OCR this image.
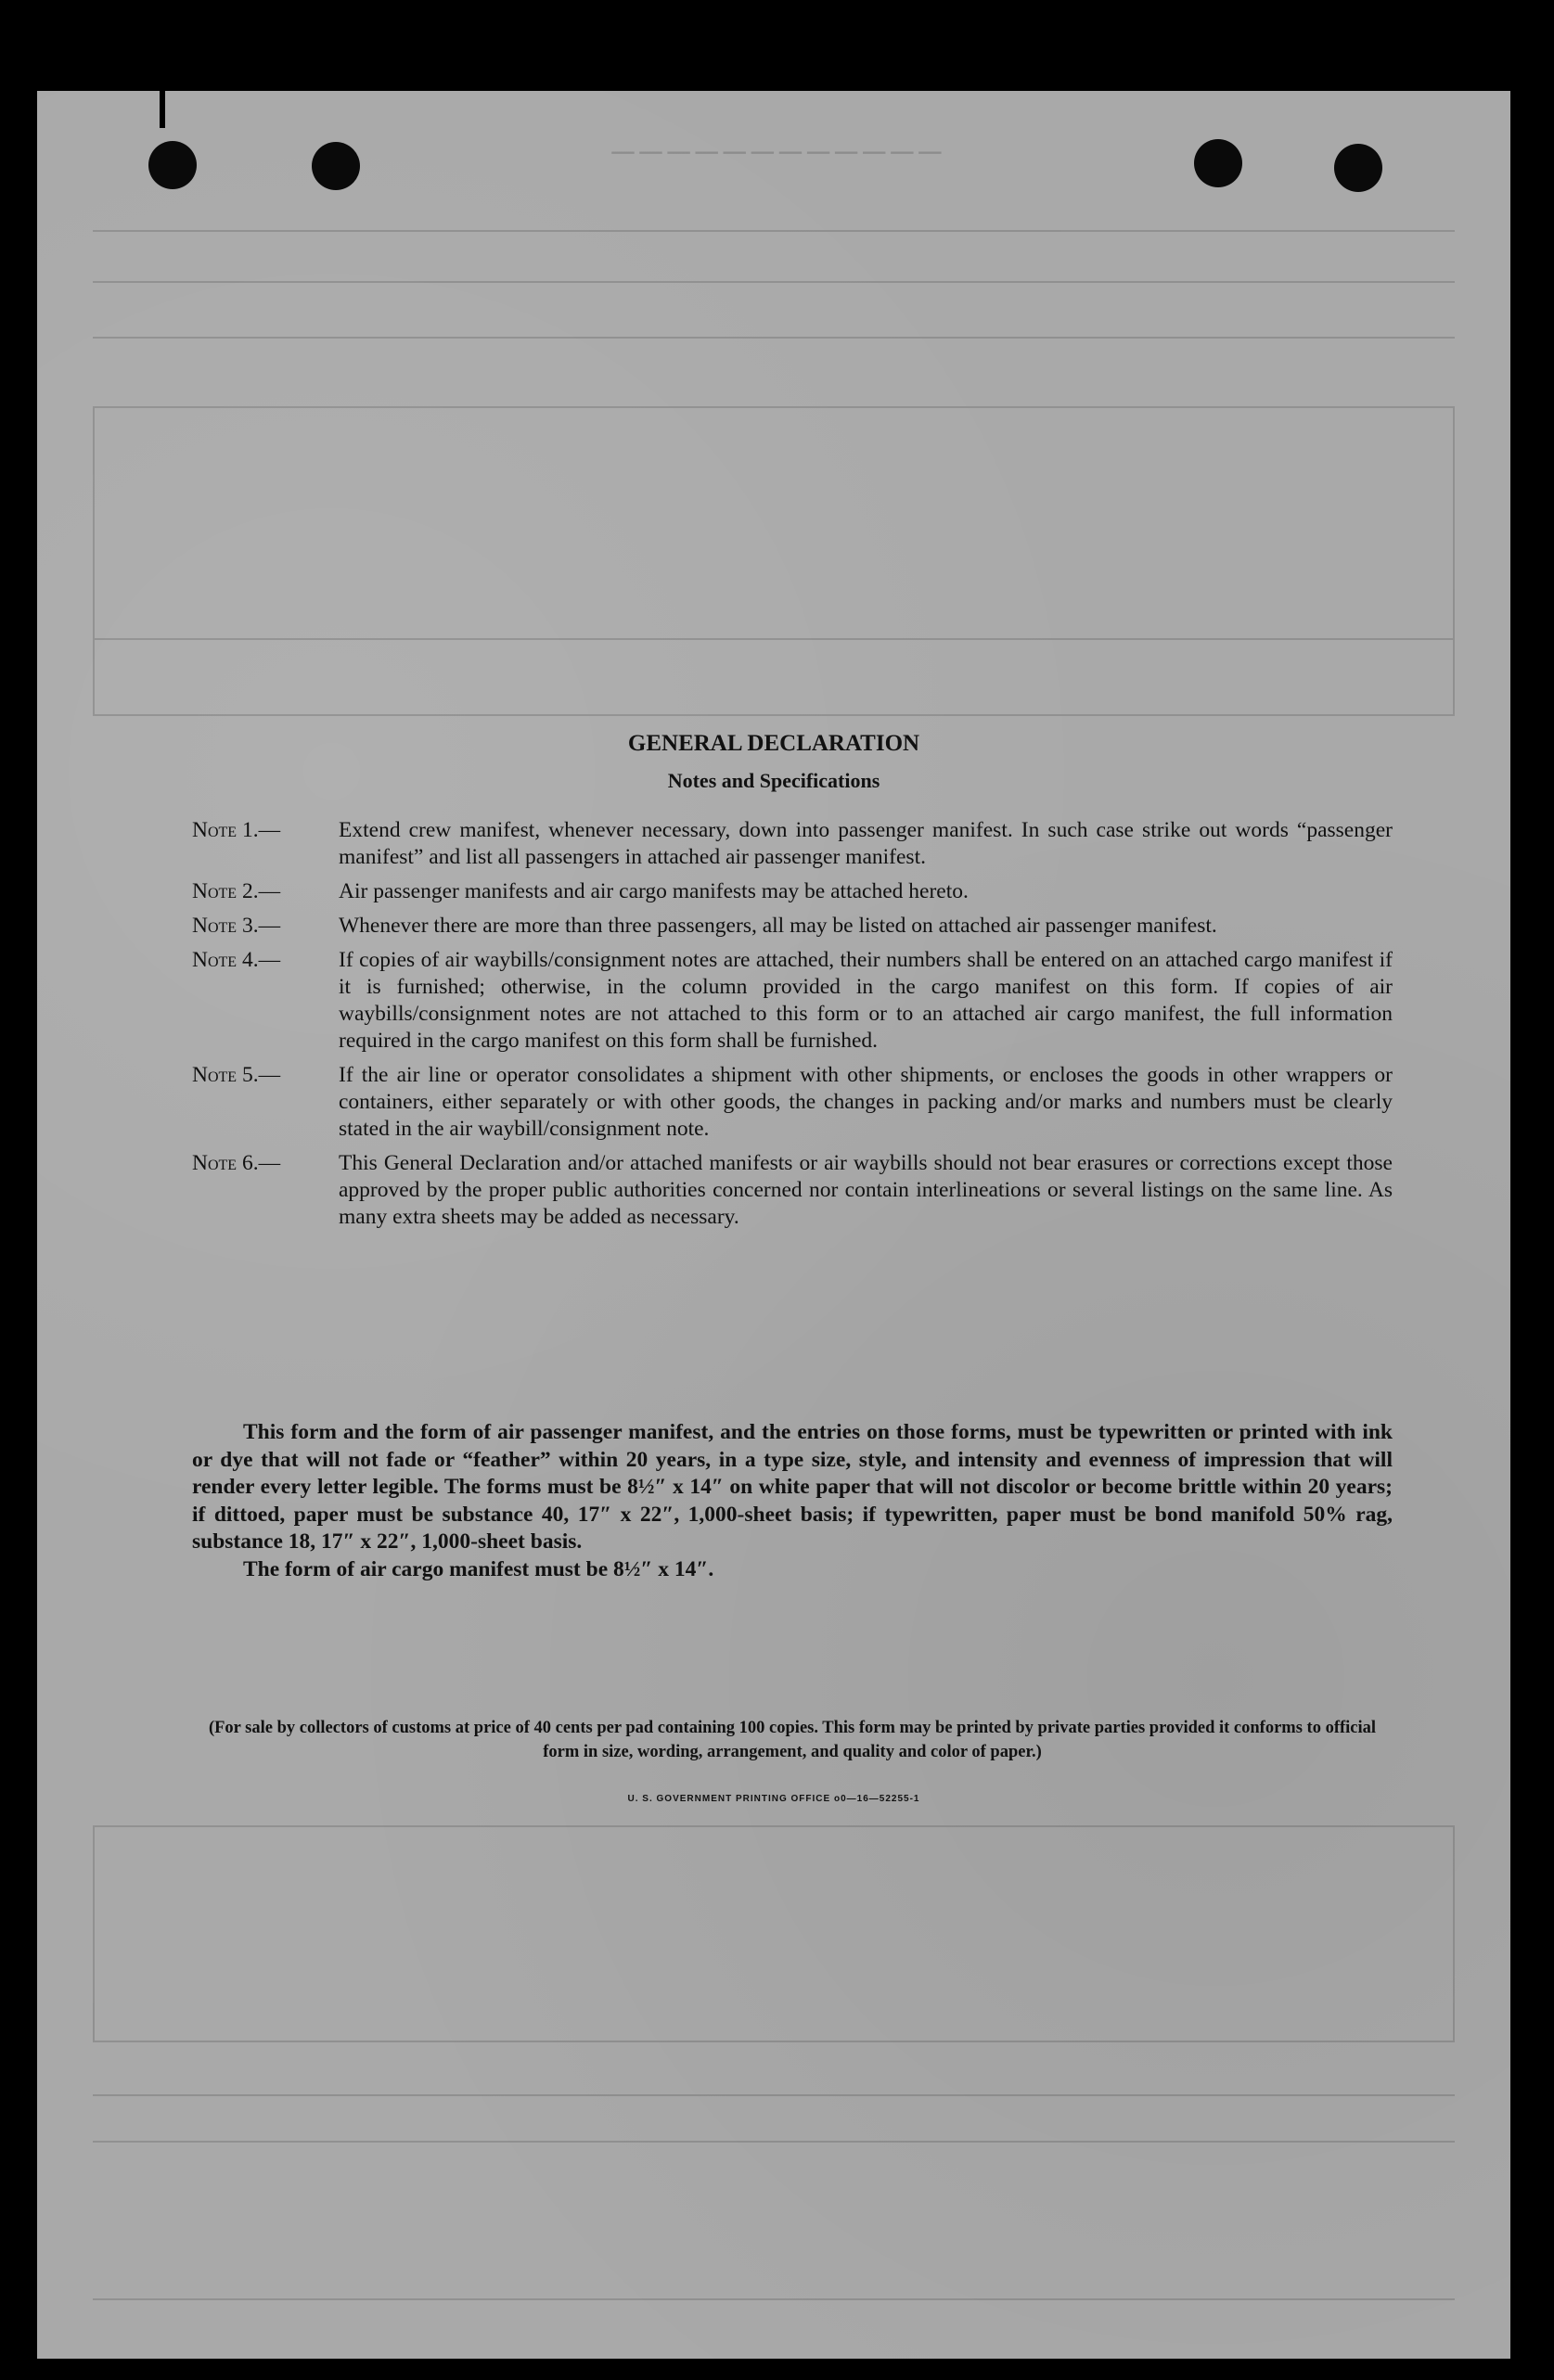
────────────
GENERAL DECLARATION
Notes and Specifications
Note 1.—	Extend crew manifest, whenever necessary, down into passenger manifest. In such case strike out words “passenger manifest” and list all passengers in attached air passenger manifest.
Note 2.—	Air passenger manifests and air cargo manifests may be attached hereto.
Note 3.—	Whenever there are more than three passengers, all may be listed on attached air passenger manifest.
Note 4.—	If copies of air waybills/consignment notes are attached, their numbers shall be entered on an attached cargo manifest if it is furnished; otherwise, in the column provided in the cargo manifest on this form. If copies of air waybills/consignment notes are not attached to this form or to an attached air cargo manifest, the full information required in the cargo manifest on this form shall be furnished.
Note 5.—	If the air line or operator consolidates a shipment with other shipments, or encloses the goods in other wrappers or containers, either separately or with other goods, the changes in packing and/or marks and numbers must be clearly stated in the air waybill/consignment note.
Note 6.—	This General Declaration and/or attached manifests or air waybills should not bear erasures or corrections except those approved by the proper public authorities concerned nor contain interlineations or several listings on the same line. As many extra sheets may be added as necessary.

This form and the form of air passenger manifest, and the entries on those forms, must be typewritten or printed with ink or dye that will not fade or “feather” within 20 years, in a type size, style, and intensity and evenness of impression that will render every letter legible. The forms must be 8½″ x 14″ on white paper that will not discolor or become brittle within 20 years; if dittoed, paper must be substance 40, 17″ x 22″, 1,000-sheet basis; if typewritten, paper must be bond manifold 50% rag, substance 18, 17″ x 22″, 1,000-sheet basis.

The form of air cargo manifest must be 8½″ x 14″.

(For sale by collectors of customs at price of 40 cents per pad containing 100 copies. This form may be printed by private parties provided it conforms to official form in size, wording, arrangement, and quality and color of paper.)
U. S. GOVERNMENT PRINTING OFFICE o0—16—52255-1
